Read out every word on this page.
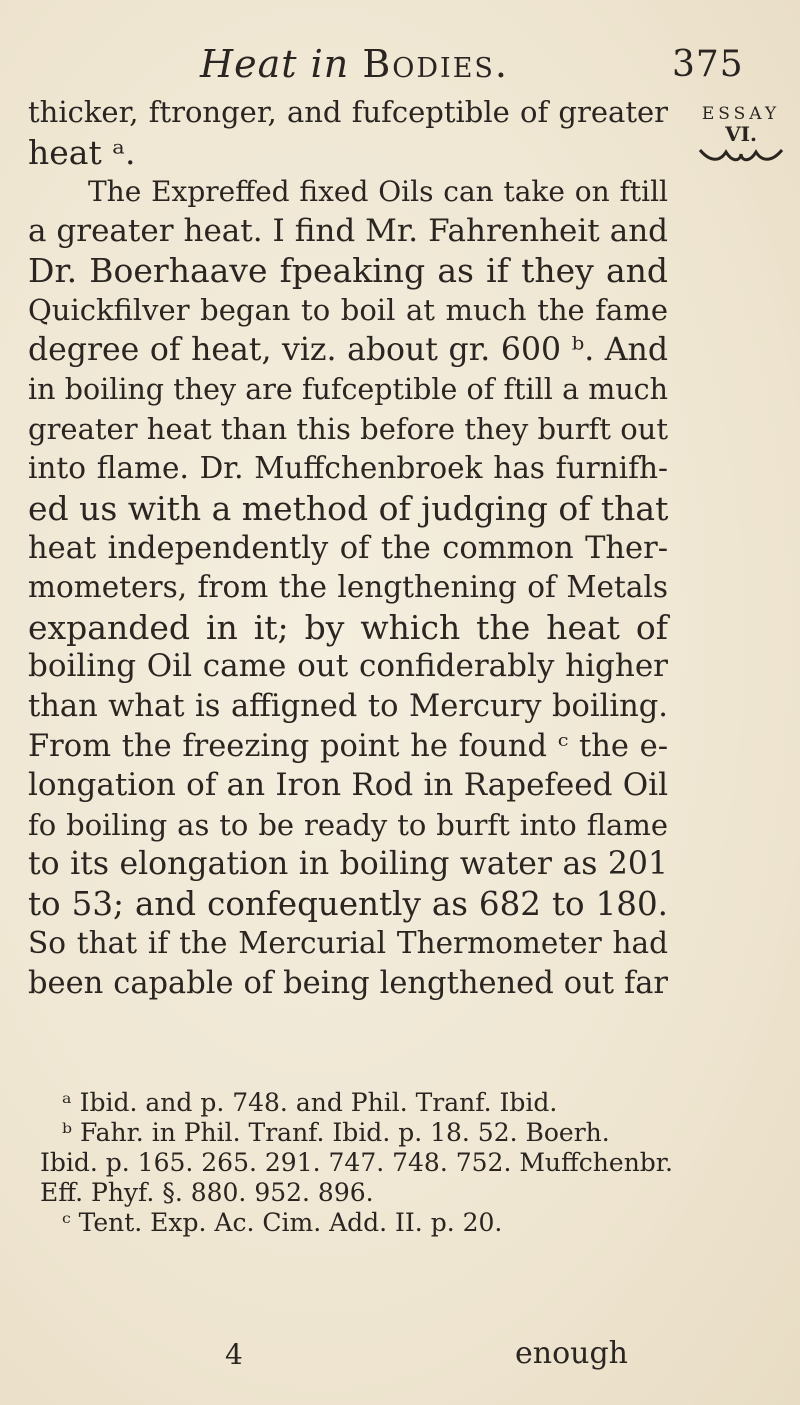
Heat in Bodies.	375
ESSAY
VI.
thicker, ftronger, and fufceptible of greater
heat ᵃ.
The Expreffed fixed Oils can take on ftill
a greater heat. I find Mr. Fahrenheit and
Dr. Boerhaave fpeaking as if they and
Quickfilver began to boil at much the fame
degree of heat, viz. about gr. 600 ᵇ. And
in boiling they are fufceptible of ftill a much
greater heat than this before they burft out
into flame. Dr. Muffchenbroek has furnifh-
ed us with a method of judging of that
heat independently of the common Ther-
mometers, from the lengthening of Metals
expanded in it; by which the heat of
boiling Oil came out confiderably higher
than what is affigned to Mercury boiling.
From the freezing point he found ᶜ the e-
longation of an Iron Rod in Rapefeed Oil
fo boiling as to be ready to burft into flame
to its elongation in boiling water as 201
to 53; and confequently as 682 to 180.
So that if the Mercurial Thermometer had
been capable of being lengthened out far
ᵃ Ibid. and p. 748. and Phil. Tranf. Ibid.
ᵇ Fahr. in Phil. Tranf. Ibid. p. 18. 52. Boerh.
Ibid. p. 165. 265. 291. 747. 748. 752. Muffchenbr.
Eff. Phyf. §. 880. 952. 896.
ᶜ Tent. Exp. Ac. Cim. Add. II. p. 20.
4	enough
